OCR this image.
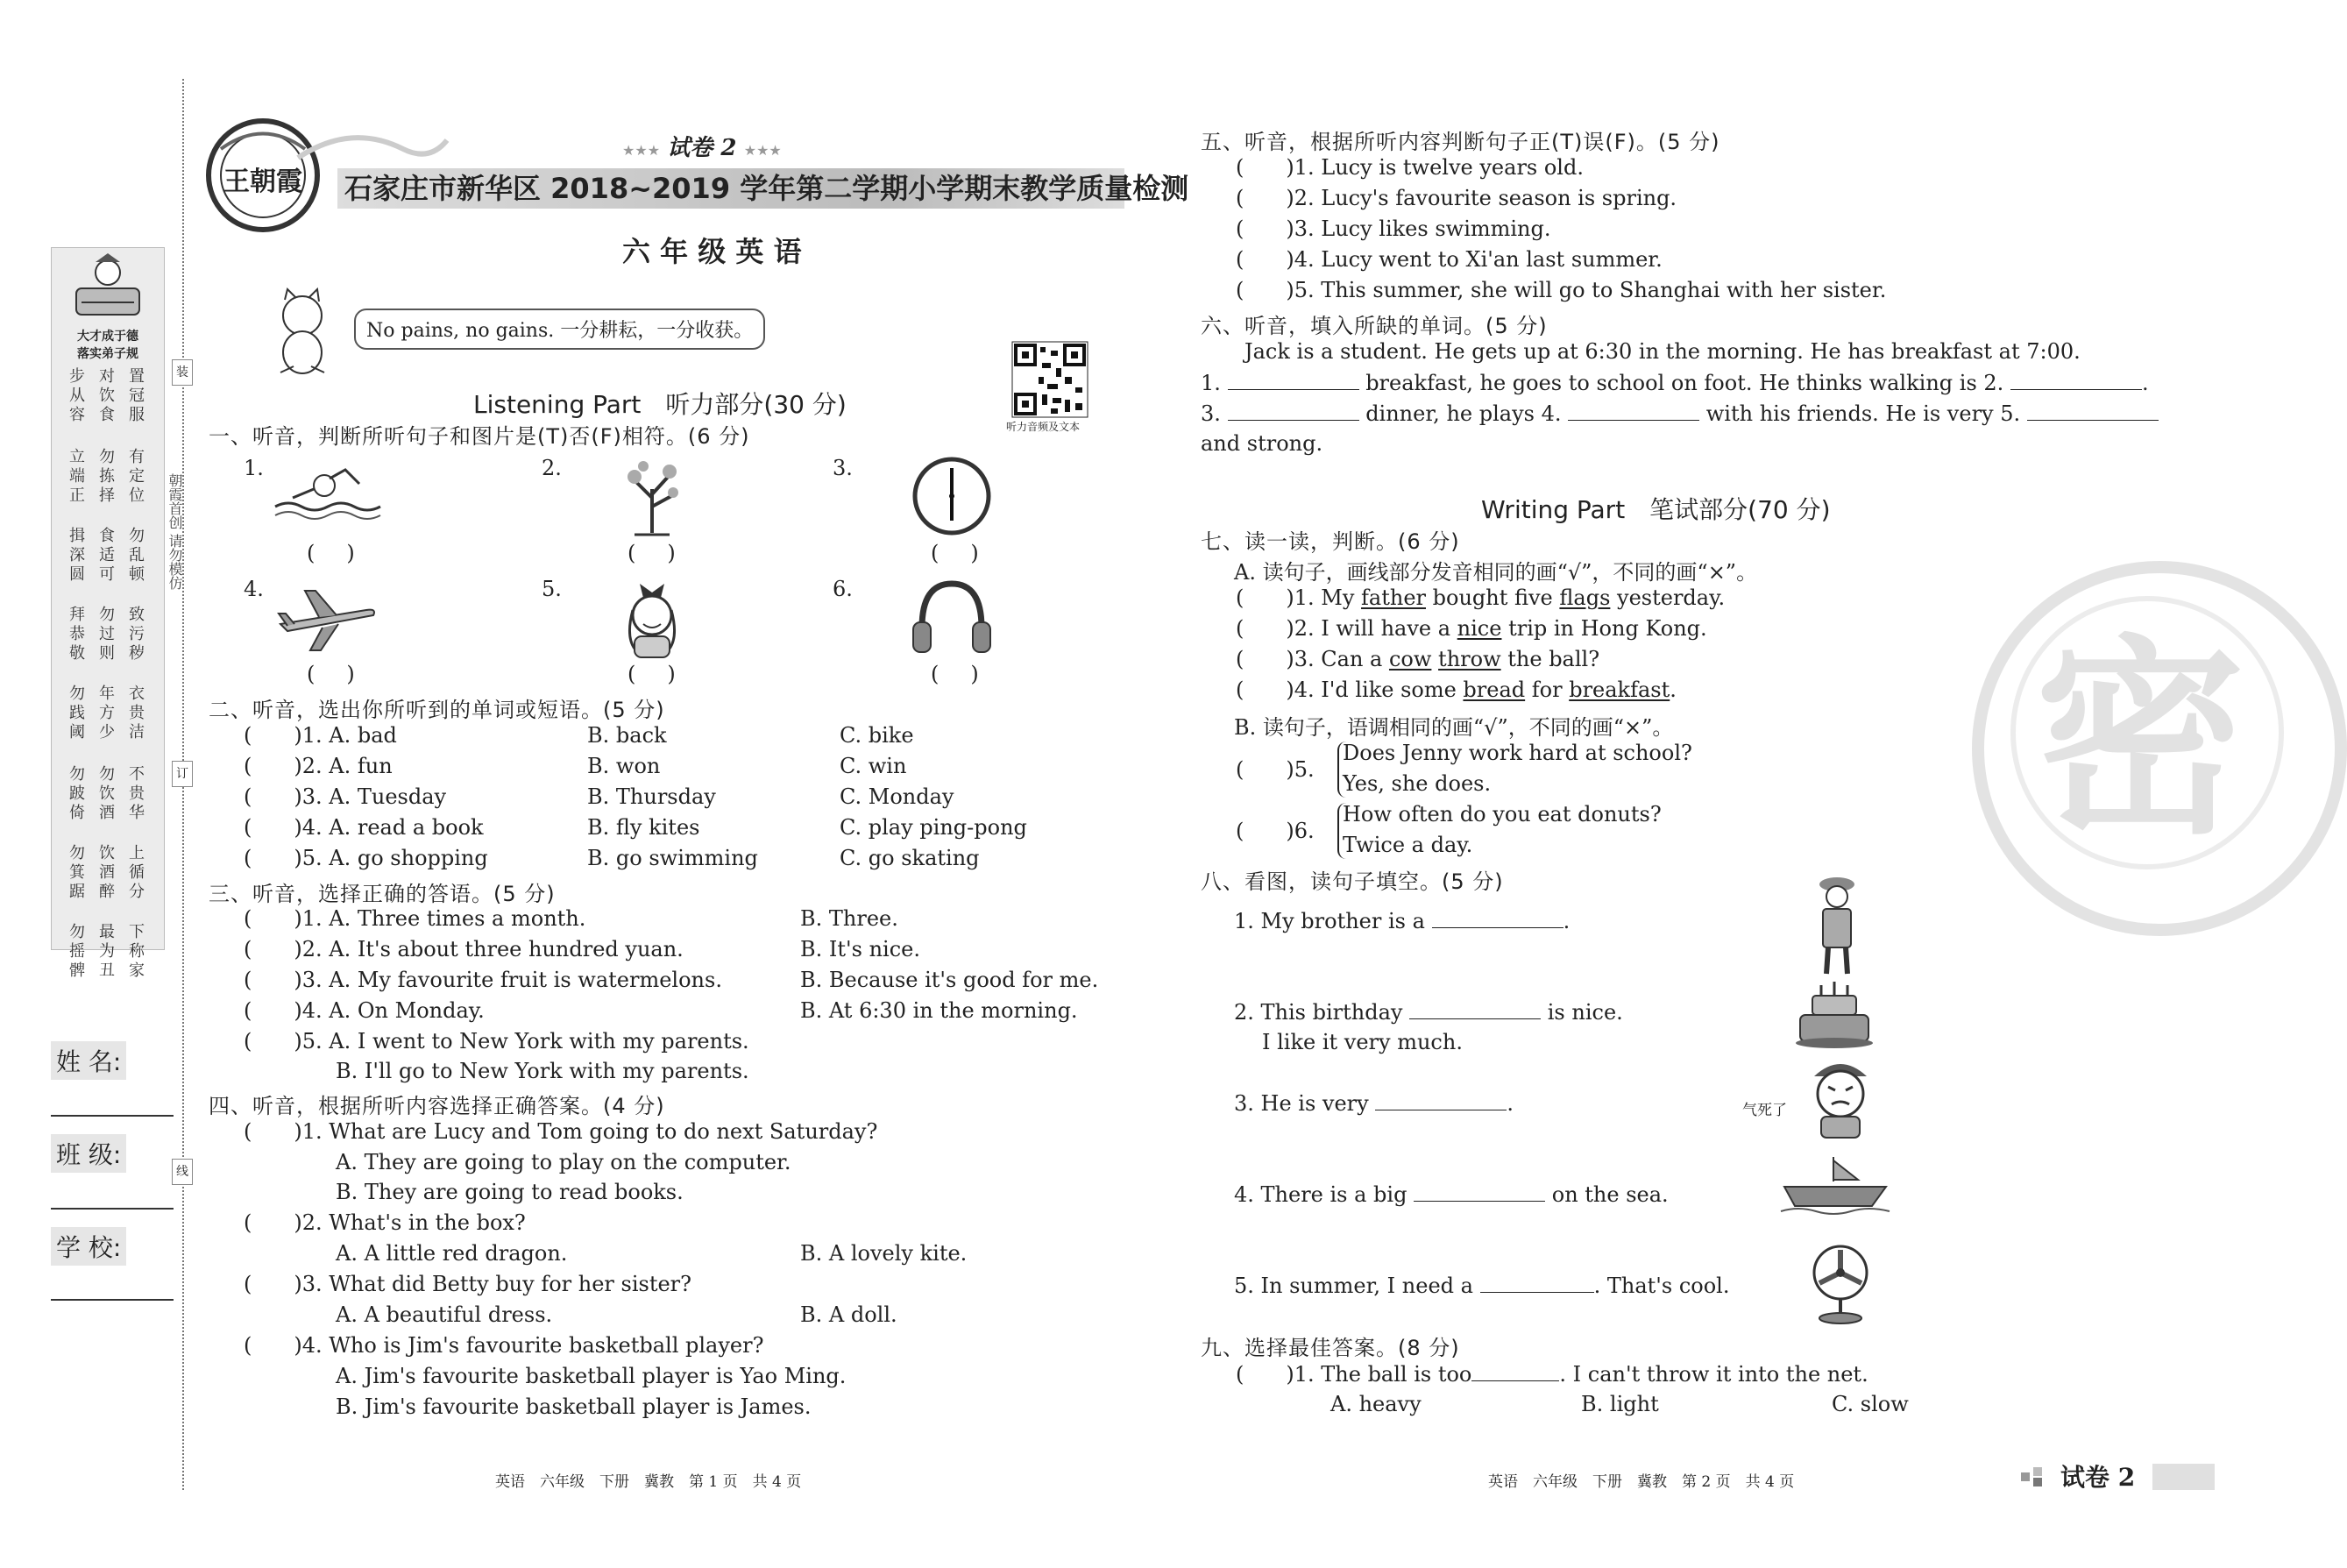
装
订
线
朝霞首创 请勿模仿
大才成于德
落实弟子规
步从容
对饮食
置冠服
立端正
勿拣择
有定位
揖深圆
食适可
勿乱顿
拜恭敬
勿过则
致污秽
勿践阈
年方少
衣贵洁
勿跛倚
勿饮酒
不贵华
勿箕踞
饮酒醉
上循分
勿摇髀
最为丑
下称家
姓 名:
班 级:
学 校:
王朝霞
★★★ 试卷 2 ★★★
石家庄市新华区 2018~2019 学年第二学期小学期末教学质量检测
六 年 级 英 语
No pains, no gains. 一分耕耘，一分收获。
听力音频及文本
Listening Part　听力部分(30 分)
一、听音，判断所听句子和图片是(T)否(F)相符。(6 分)
1.
()
2.
()
3.
()
4.
()
5.
()
6.
()
二、听音，选出你所听到的单词或短语。(5 分)
( )1. A. bad	B. back	C. bike
( )2. A. fun	B. won	C. win
( )3. A. Tuesday	B. Thursday	C. Monday
( )4. A. read a book	B. fly kites	C. play ping-pong
( )5. A. go shopping	B. go swimming	C. go skating
三、听音，选择正确的答语。(5 分)
( )1. A. Three times a month.	B. Three.
( )2. A. It's about three hundred yuan.	B. It's nice.
( )3. A. My favourite fruit is watermelons.	B. Because it's good for me.
( )4. A. On Monday.	B. At 6:30 in the morning.
( )5. A. I went to New York with my parents.
B. I'll go to New York with my parents.
四、听音，根据所听内容选择正确答案。(4 分)
( )1. What are Lucy and Tom going to do next Saturday?
A. They are going to play on the computer.
B. They are going to read books.
( )2. What's in the box?
A. A little red dragon.	B. A lovely kite.
( )3. What did Betty buy for her sister?
A. A beautiful dress.	B. A doll.
( )4. Who is Jim's favourite basketball player?
A. Jim's favourite basketball player is Yao Ming.
B. Jim's favourite basketball player is James.
英语　六年级　下册　冀教　第 1 页　共 4 页
五、听音，根据所听内容判断句子正(T)误(F)。(5 分)
( )1. Lucy is twelve years old.
( )2. Lucy's favourite season is spring.
( )3. Lucy likes swimming.
( )4. Lucy went to Xi'an last summer.
( )5. This summer, she will go to Shanghai with her sister.
六、听音，填入所缺的单词。(5 分)
Jack is a student. He gets up at 6:30 in the morning. He has breakfast at 7:00.
1.	breakfast, he goes to school on foot. He thinks walking is 2.	.
3.	dinner, he plays 4.	with his friends. He is very 5.
and strong.
Writing Part　笔试部分(70 分)
七、读一读，判断。(6 分)
A. 读句子，画线部分发音相同的画“√”，不同的画“×”。
( )1. My father bought five flags yesterday.
( )2. I will have a nice trip in Hong Kong.
( )3. Can a cow throw the ball?
( )4. I'd like some bread for breakfast.
B. 读句子，语调相同的画“√”，不同的画“×”。
( )5.
Does Jenny work hard at school?
Yes, she does.
( )6.
How often do you eat donuts?
Twice a day.
八、看图，读句子填空。(5 分)
1. My brother is a	.
2. This birthday	is nice.
I like it very much.
3. He is very	.	气死了
4. There is a big	on the sea.
5. In summer, I need a	. That's cool.
九、选择最佳答案。(8 分)
( )1. The ball is too	. I can't throw it into the net.
A. heavy	B. light	C. slow
英语　六年级　下册　冀教　第 2 页　共 4 页
密
试卷 2
